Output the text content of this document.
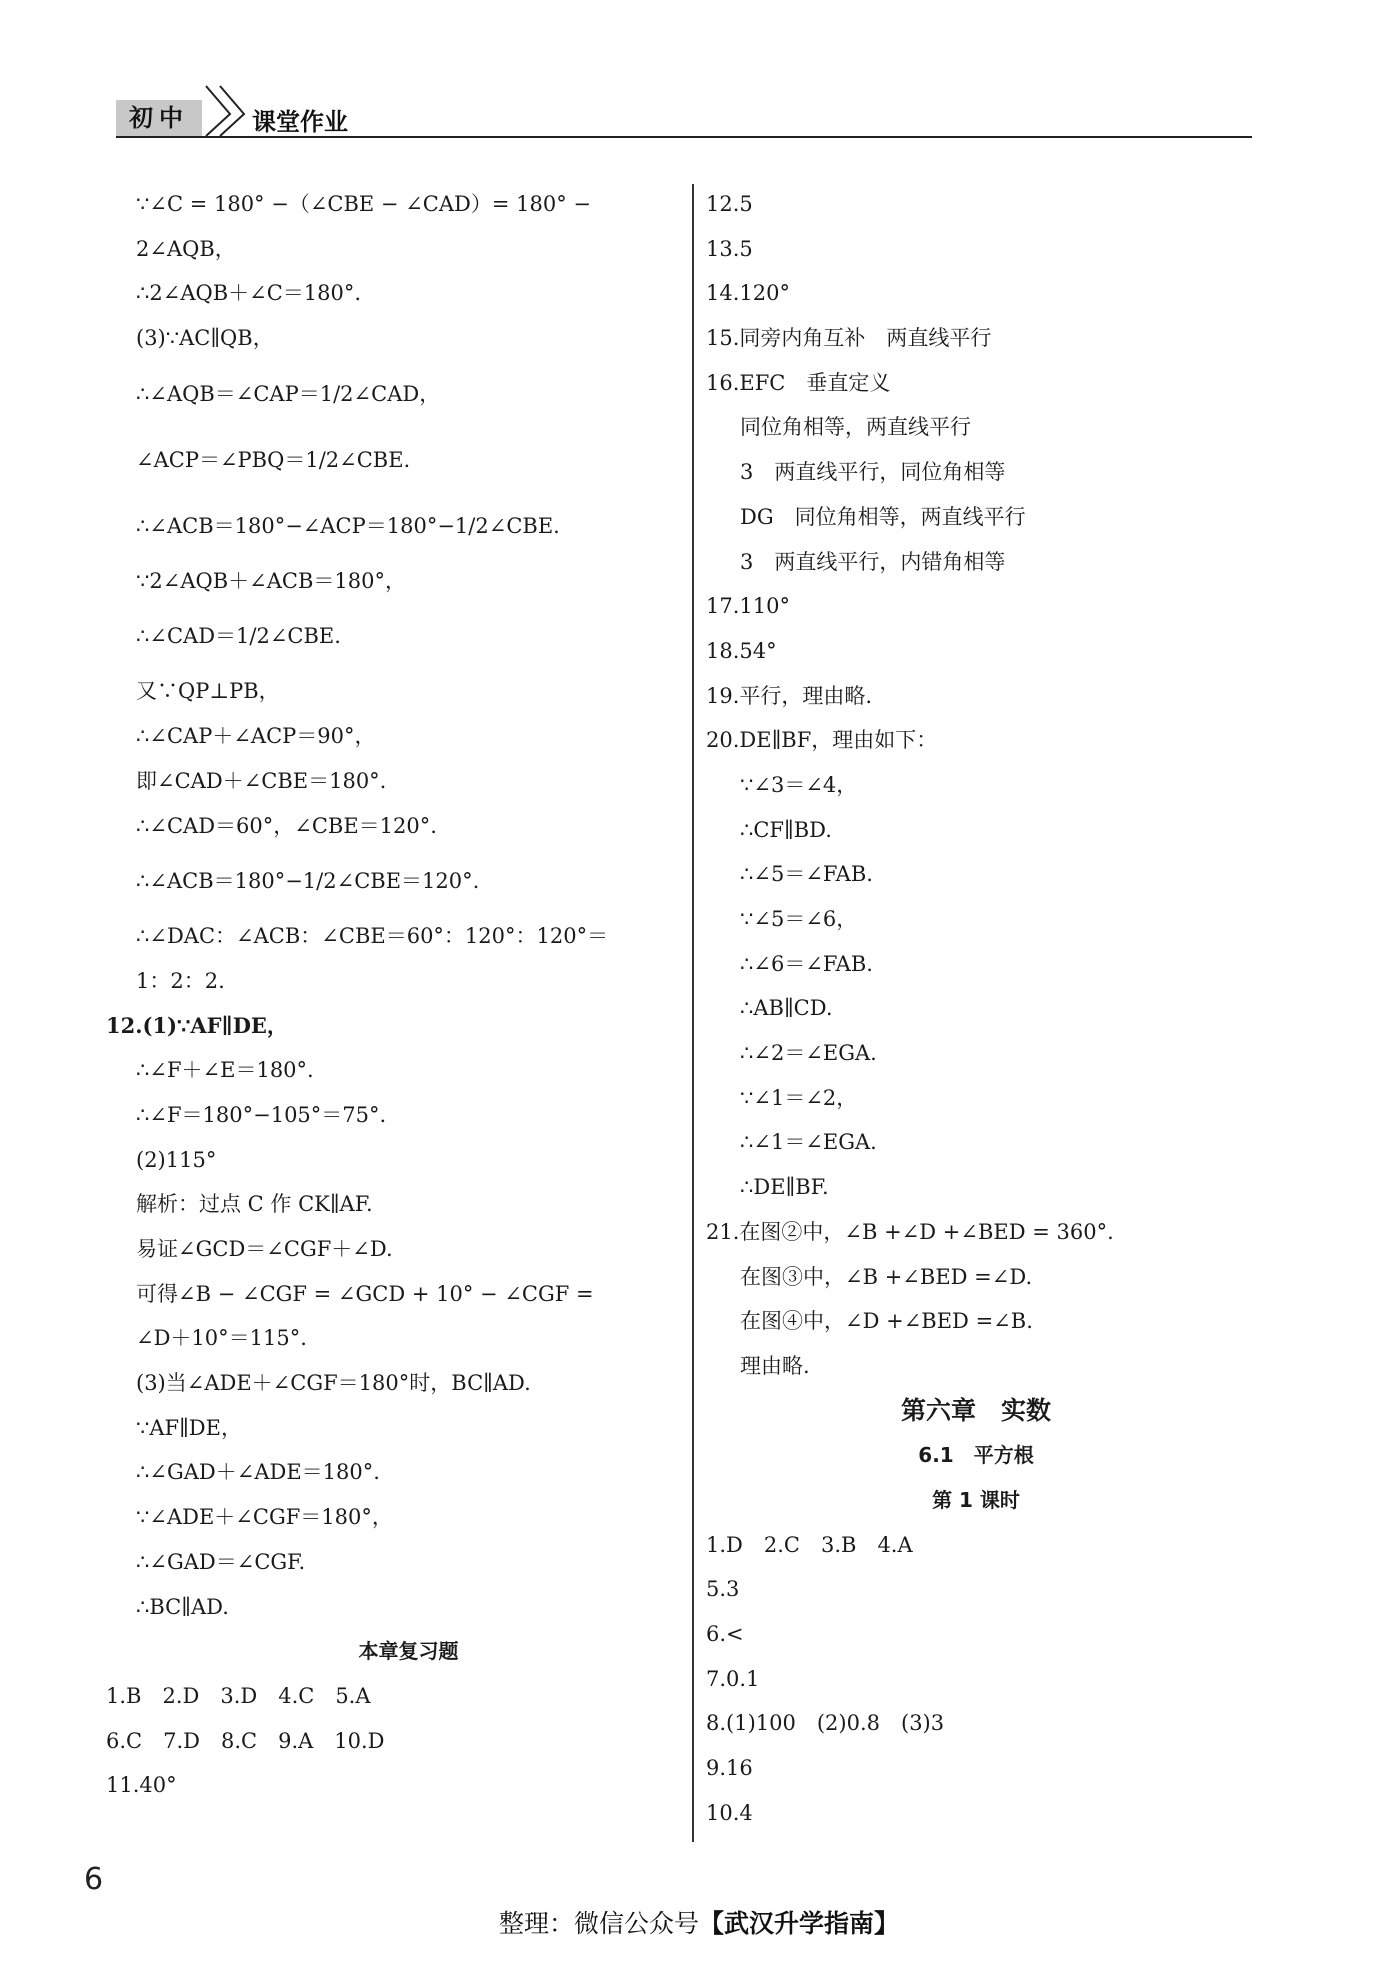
初中	课堂作业
∵∠C = 180° −（∠CBE − ∠CAD）= 180° −
2∠AQB，
∴2∠AQB＋∠C＝180°.
(3)∵AC∥QB，
∴∠AQB＝∠CAP＝1/2∠CAD，
∠ACP＝∠PBQ＝1/2∠CBE.
∴∠ACB＝180°−∠ACP＝180°−1/2∠CBE.
∵2∠AQB＋∠ACB＝180°，
∴∠CAD＝1/2∠CBE.
又∵QP⊥PB，
∴∠CAP＋∠ACP＝90°，
即∠CAD＋∠CBE＝180°.
∴∠CAD＝60°，∠CBE＝120°.
∴∠ACB＝180°−1/2∠CBE＝120°.
∴∠DAC：∠ACB：∠CBE＝60°：120°：120°＝
1：2：2.
12.(1)∵AF∥DE，
∴∠F＋∠E＝180°.
∴∠F＝180°−105°＝75°.
(2)115°
解析：过点 C 作 CK∥AF.
易证∠GCD＝∠CGF＋∠D.
可得∠B − ∠CGF = ∠GCD + 10° − ∠CGF =
∠D＋10°＝115°.
(3)当∠ADE＋∠CGF＝180°时，BC∥AD.
∵AF∥DE，
∴∠GAD＋∠ADE＝180°.
∵∠ADE＋∠CGF＝180°，
∴∠GAD＝∠CGF.
∴BC∥AD.
本章复习题
1.B　2.D　3.D　4.C　5.A
6.C　7.D　8.C　9.A　10.D
11.40°
12.5
13.5
14.120°
15.同旁内角互补　两直线平行
16.EFC　垂直定义
同位角相等，两直线平行
3　两直线平行，同位角相等
DG　同位角相等，两直线平行
3　两直线平行，内错角相等
17.110°
18.54°
19.平行，理由略.
20.DE∥BF，理由如下：
∵∠3＝∠4，
∴CF∥BD.
∴∠5＝∠FAB.
∵∠5＝∠6，
∴∠6＝∠FAB.
∴AB∥CD.
∴∠2＝∠EGA.
∵∠1＝∠2，
∴∠1＝∠EGA.
∴DE∥BF.
21.在图②中，∠B +∠D +∠BED = 360°.
在图③中，∠B +∠BED =∠D.
在图④中，∠D +∠BED =∠B.
理由略.
第六章　实数
6.1　平方根
第 1 课时
1.D　2.C　3.B　4.A
5.3
6.<
7.0.1
8.(1)100　(2)0.8　(3)3
9.16
10.4
6
整理：微信公众号【武汉升学指南】
